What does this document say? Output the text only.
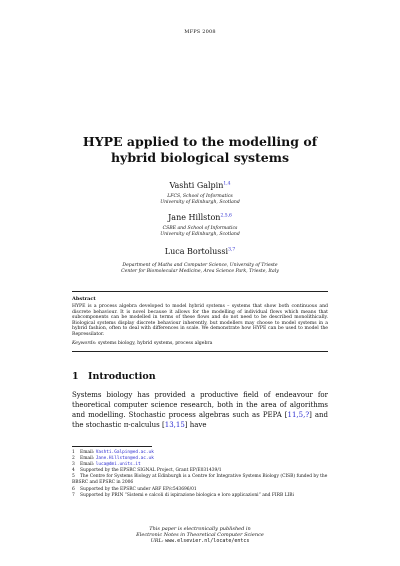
MFPS 2008
HYPE applied to the modelling of hybrid biological systems
Vashti Galpin$^{1,4}$
LFCS, School of Informatics
University of Edinburgh, Scotland
Jane Hillston$^{2,5,6}$
CSBE and School of Informatics
University of Edinburgh, Scotland
Luca Bortolussi$^{3,7}$
Department of Maths and Computer Science, University of Trieste
Center for Biomolecular Medicine, Area Science Park, Trieste, Italy
Abstract
HYPE is a process algebra developed to model hybrid systems – systems that show both continuous and discrete behaviour. It is novel because it allows for the modelling of individual flows which means that subcomponents can be modelled in terms of these flows and do not need to be described monolithically. Biological systems display discrete behaviour inherently, but modellers may choose to model systems in a hybrid fashion, often to deal with differences in scale. We demonstrate how HYPE can be used to model the Repressilator.
Keywords: systems biology, hybrid systems, process algebra
1 Introduction
Systems biology has provided a productive field of endeavour for theoretical computer science research, both in the area of algorithms and modelling. Stochastic process algebras such as PEPA [11,5,?] and the stochastic π-calculus [13,15] have
1 Email: Vashti.Galpin@ed.ac.uk
2 Email: Jane.Hillston@ed.ac.uk
3 Email: luca@dmi.units.it
4 Supported by the EPSRC SIGNAL Project, Grant EP/E031439/1
5 The Centre for Systems Biology at Edinburgh is a Centre for Integrative Systems Biology (CISB) funded by the BBSRC and EPSRC in 2006
6 Supported by the EPSRC under ARF EP/c543696/01
7 Supported by PRIN “Sistemi e calcoli di ispirazione biologica e loro applicazioni” and FIRB LIBi
This paper is electronically published in
Electronic Notes in Theoretical Computer Science
URL: www.elsevier.nl/locate/entcs
